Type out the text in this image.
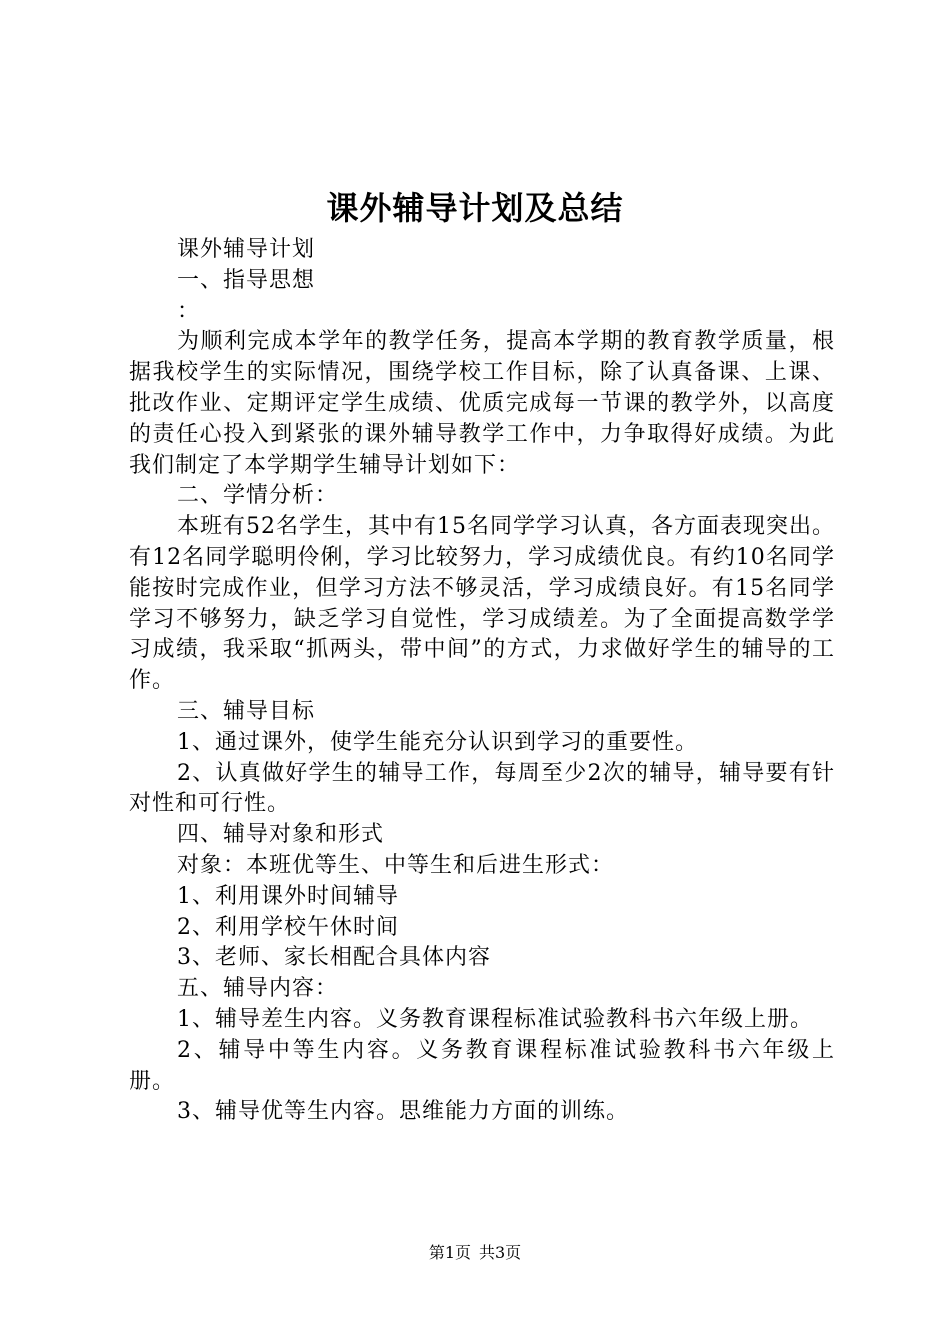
课外辅导计划及总结

课外辅导计划

一、指导思想

：

为顺利完成本学年的教学任务，提高本学期的教育教学质量，根据我校学生的实际情况，围绕学校工作目标，除了认真备课、上课、批改作业、定期评定学生成绩、优质完成每一节课的教学外，以高度的责任心投入到紧张的课外辅导教学工作中，力争取得好成绩。为此我们制定了本学期学生辅导计划如下：

二、学情分析：

本班有52名学生，其中有15名同学学习认真，各方面表现突出。有12名同学聪明伶俐，学习比较努力，学习成绩优良。有约10名同学能按时完成作业，但学习方法不够灵活，学习成绩良好。有15名同学学习不够努力，缺乏学习自觉性，学习成绩差。为了全面提高数学学习成绩，我采取“抓两头，带中间”的方式，力求做好学生的辅导的工作。

三、辅导目标

1、通过课外，使学生能充分认识到学习的重要性。

2、认真做好学生的辅导工作，每周至少2次的辅导，辅导要有针对性和可行性。

四、辅导对象和形式

对象：本班优等生、中等生和后进生形式：

1、利用课外时间辅导

2、利用学校午休时间

3、老师、家长相配合具体内容

五、辅导内容：

1、辅导差生内容。义务教育课程标准试验教科书六年级上册。

2、辅导中等生内容。义务教育课程标准试验教科书六年级上册。

3、辅导优等生内容。思维能力方面的训练。

第1页 共3页
